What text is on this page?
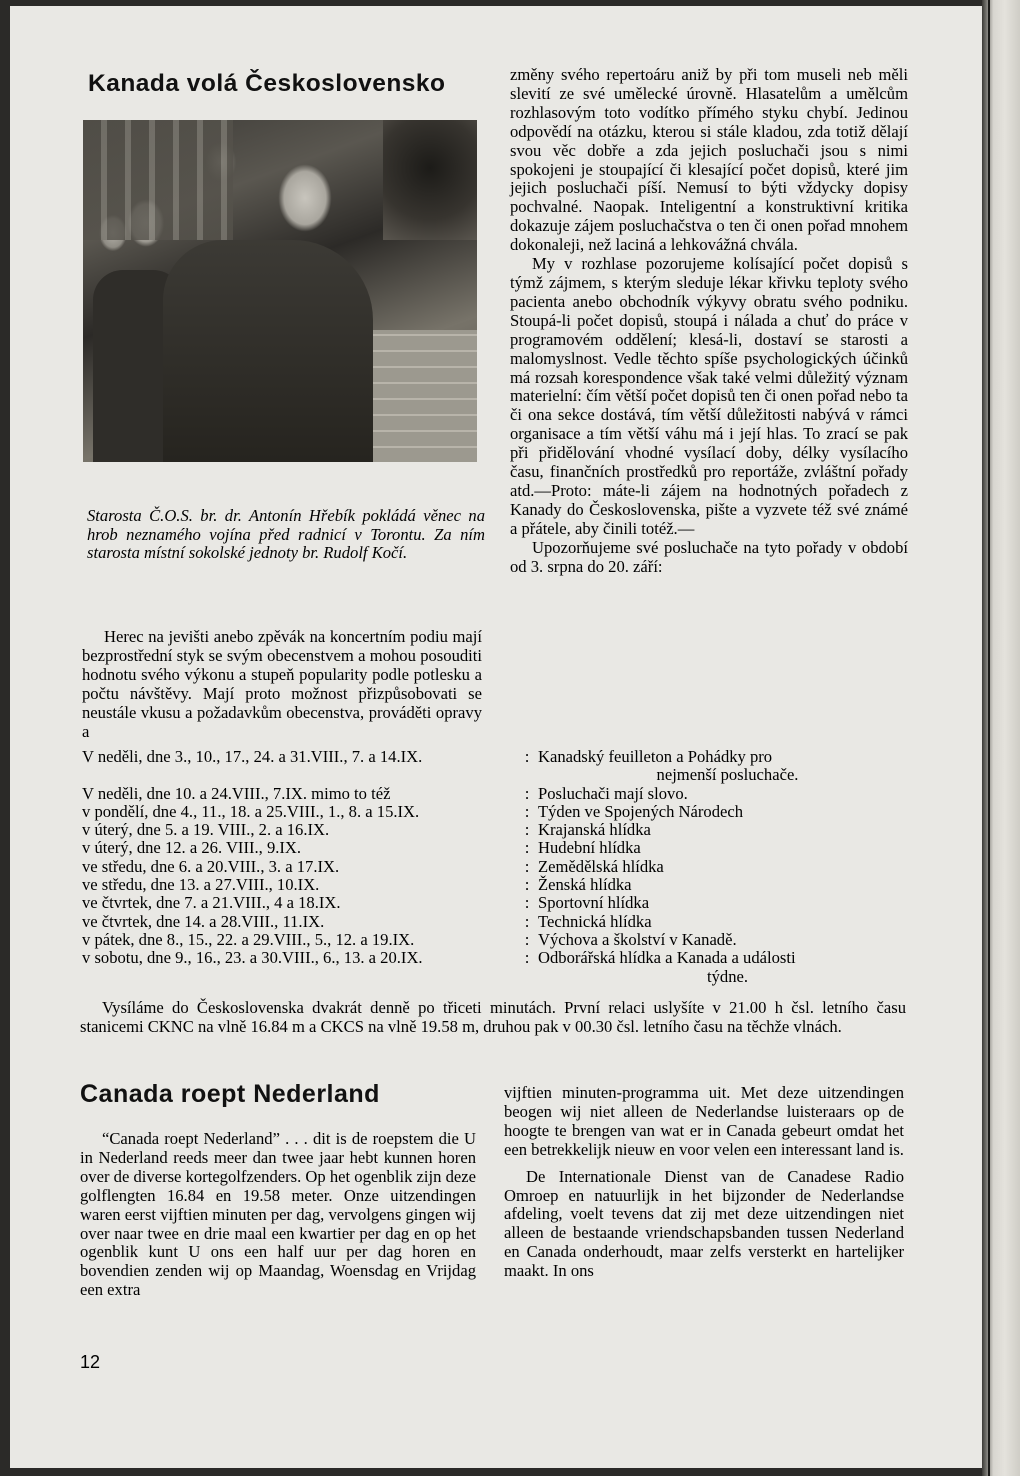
Kanada volá Československo

Starosta Č.O.S. br. dr. Antonín Hřebík pokládá věnec na hrob neznamého vojína před radnicí v Torontu. Za ním starosta místní sokolské jednoty br. Rudolf Kočí.

Herec na jevišti anebo zpěvák na koncertním podiu mají bezprostřední styk se svým obecenstvem a mohou posouditi hodnotu svého výkonu a stupeň popularity podle potlesku a počtu návštěvy. Mají proto možnost přizpůsobovati se neustále vkusu a požadavkům obecenstva, prováděti opravy a

změny svého repertoáru aniž by při tom museli neb měli slevití ze své umělecké úrovně. Hlasatelům a umělcům rozhlasovým toto vodítko přímého styku chybí. Jedinou odpovědí na otázku, kterou si stále kladou, zda totiž dělají svou věc dobře a zda jejich posluchači jsou s nimi spokojeni je stoupající či klesající počet dopisů, které jim jejich posluchači píší. Nemusí to býti vždycky dopisy pochvalné. Naopak. Inteligentní a konstruktivní kritika dokazuje zájem posluchačstva o ten či onen pořad mnohem dokonaleji, než laciná a lehkovážná chvála.

My v rozhlase pozorujeme kolísající počet dopisů s týmž zájmem, s kterým sleduje lékar křivku teploty svého pacienta anebo obchodník výkyvy obratu svého podniku. Stoupá-li počet dopisů, stoupá i nálada a chuť do práce v programovém oddělení; klesá-li, dostaví se starosti a malomyslnost. Vedle těchto spíše psychologických účinků má rozsah korespondence však také velmi důležitý význam materielní: čím větší počet dopisů ten či onen pořad nebo ta či ona sekce dostává, tím větší důležitosti nabývá v rámci organisace a tím větší váhu má i její hlas. To zrací se pak při přidělování vhodné vysílací doby, délky vysílacího času, finančních prostředků pro reportáže, zvláštní pořady atd.—Proto: máte-li zájem na hodnotných pořadech z Kanady do Československa, pište a vyzvete též své známé a přátele, aby činili totéž.—

Upozorňujeme své posluchače na tyto pořady v období od 3. srpna do 20. září:

V neděli, dne 3., 10., 17., 24. a 31.VIII., 7. a 14.IX.	: Kanadský feuilleton a Pohádky pro
nejmenší posluchače.
V neděli, dne 10. a 24.VIII., 7.IX. mimo to též	: Posluchači mají slovo.
v pondělí, dne 4., 11., 18. a 25.VIII., 1., 8. a 15.IX.	: Týden ve Spojených Národech
v úterý, dne 5. a 19. VIII., 2. a 16.IX.	: Krajanská hlídka
v úterý, dne 12. a 26. VIII., 9.IX.	: Hudební hlídka
ve středu, dne 6. a 20.VIII., 3. a 17.IX.	: Zemědělská hlídka
ve středu, dne 13. a 27.VIII., 10.IX.	: Ženská hlídka
ve čtvrtek, dne 7. a 21.VIII., 4 a 18.IX.	: Sportovní hlídka
ve čtvrtek, dne 14. a 28.VIII., 11.IX.	: Technická hlídka
v pátek, dne 8., 15., 22. a 29.VIII., 5., 12. a 19.IX.	: Výchova a školství v Kanadě.
v sobotu, dne 9., 16., 23. a 30.VIII., 6., 13. a 20.IX.	: Odborářská hlídka a Kanada a události
týdne.

Vysíláme do Československa dvakrát denně po třiceti minutách. První relaci uslyšíte v 21.00 h čsl. letního času stanicemi CKNC na vlně 16.84 m a CKCS na vlně 19.58 m, druhou pak v 00.30 čsl. letního času na těchže vlnách.

Canada roept Nederland

“Canada roept Nederland” . . . dit is de roepstem die U in Nederland reeds meer dan twee jaar hebt kunnen horen over de diverse kortegolfzenders. Op het ogenblik zijn deze golflengten 16.84 en 19.58 meter. Onze uitzendingen waren eerst vijftien minuten per dag, vervolgens gingen wij over naar twee en drie maal een kwartier per dag en op het ogenblik kunt U ons een half uur per dag horen en bovendien zenden wij op Maandag, Woensdag en Vrijdag een extra

vijftien minuten-programma uit. Met deze uitzendingen beogen wij niet alleen de Nederlandse luisteraars op de hoogte te brengen van wat er in Canada gebeurt omdat het een betrekkelijk nieuw en voor velen een interessant land is.

De Internationale Dienst van de Canadese Radio Omroep en natuurlijk in het bijzonder de Nederlandse afdeling, voelt tevens dat zij met deze uitzendingen niet alleen de bestaande vriendschapsbanden tussen Nederland en Canada onderhoudt, maar zelfs versterkt en hartelijker maakt. In ons

12
